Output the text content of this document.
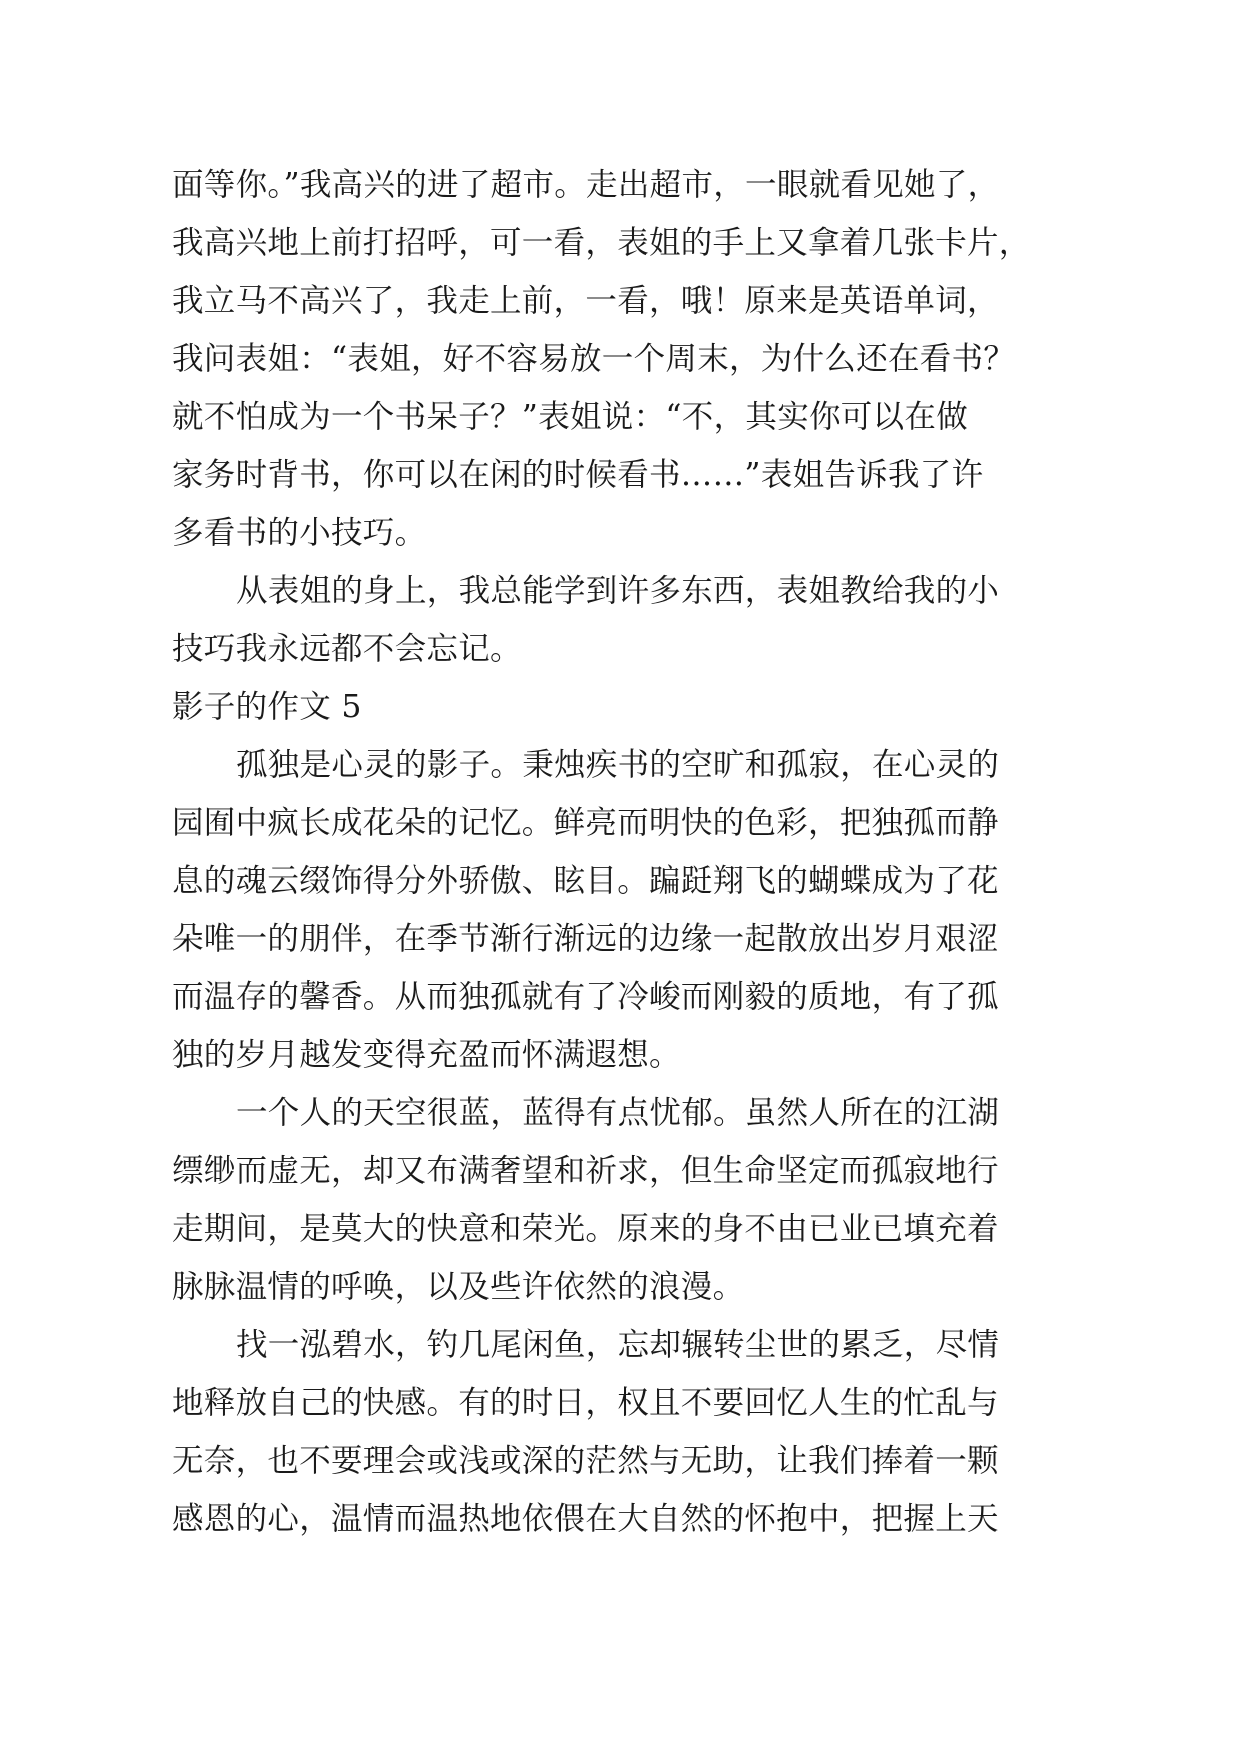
面等你。”我高兴的进了超市。走出超市，一眼就看见她了，
我高兴地上前打招呼，可一看，表姐的手上又拿着几张卡片，
我立马不高兴了，我走上前，一看，哦！原来是英语单词，
我问表姐：“表姐，好不容易放一个周末，为什么还在看书？
就不怕成为一个书呆子？”表姐说：“不，其实你可以在做
家务时背书，你可以在闲的时候看书……”表姐告诉我了许
多看书的小技巧。
从表姐的身上，我总能学到许多东西，表姐教给我的小
技巧我永远都不会忘记。
影子的作文 5
孤独是心灵的影子。秉烛疾书的空旷和孤寂，在心灵的
园囿中疯长成花朵的记忆。鲜亮而明快的色彩，把独孤而静
息的魂云缀饰得分外骄傲、眩目。蹁跹翔飞的蝴蝶成为了花
朵唯一的朋伴，在季节渐行渐远的边缘一起散放出岁月艰涩
而温存的馨香。从而独孤就有了冷峻而刚毅的质地，有了孤
独的岁月越发变得充盈而怀满遐想。
一个人的天空很蓝，蓝得有点忧郁。虽然人所在的江湖
缥缈而虚无，却又布满奢望和祈求，但生命坚定而孤寂地行
走期间，是莫大的快意和荣光。原来的身不由已业已填充着
脉脉温情的呼唤，以及些许依然的浪漫。
找一泓碧水，钓几尾闲鱼，忘却辗转尘世的累乏，尽情
地释放自己的快感。有的时日，权且不要回忆人生的忙乱与
无奈，也不要理会或浅或深的茫然与无助，让我们捧着一颗
感恩的心，温情而温热地依偎在大自然的怀抱中，把握上天
